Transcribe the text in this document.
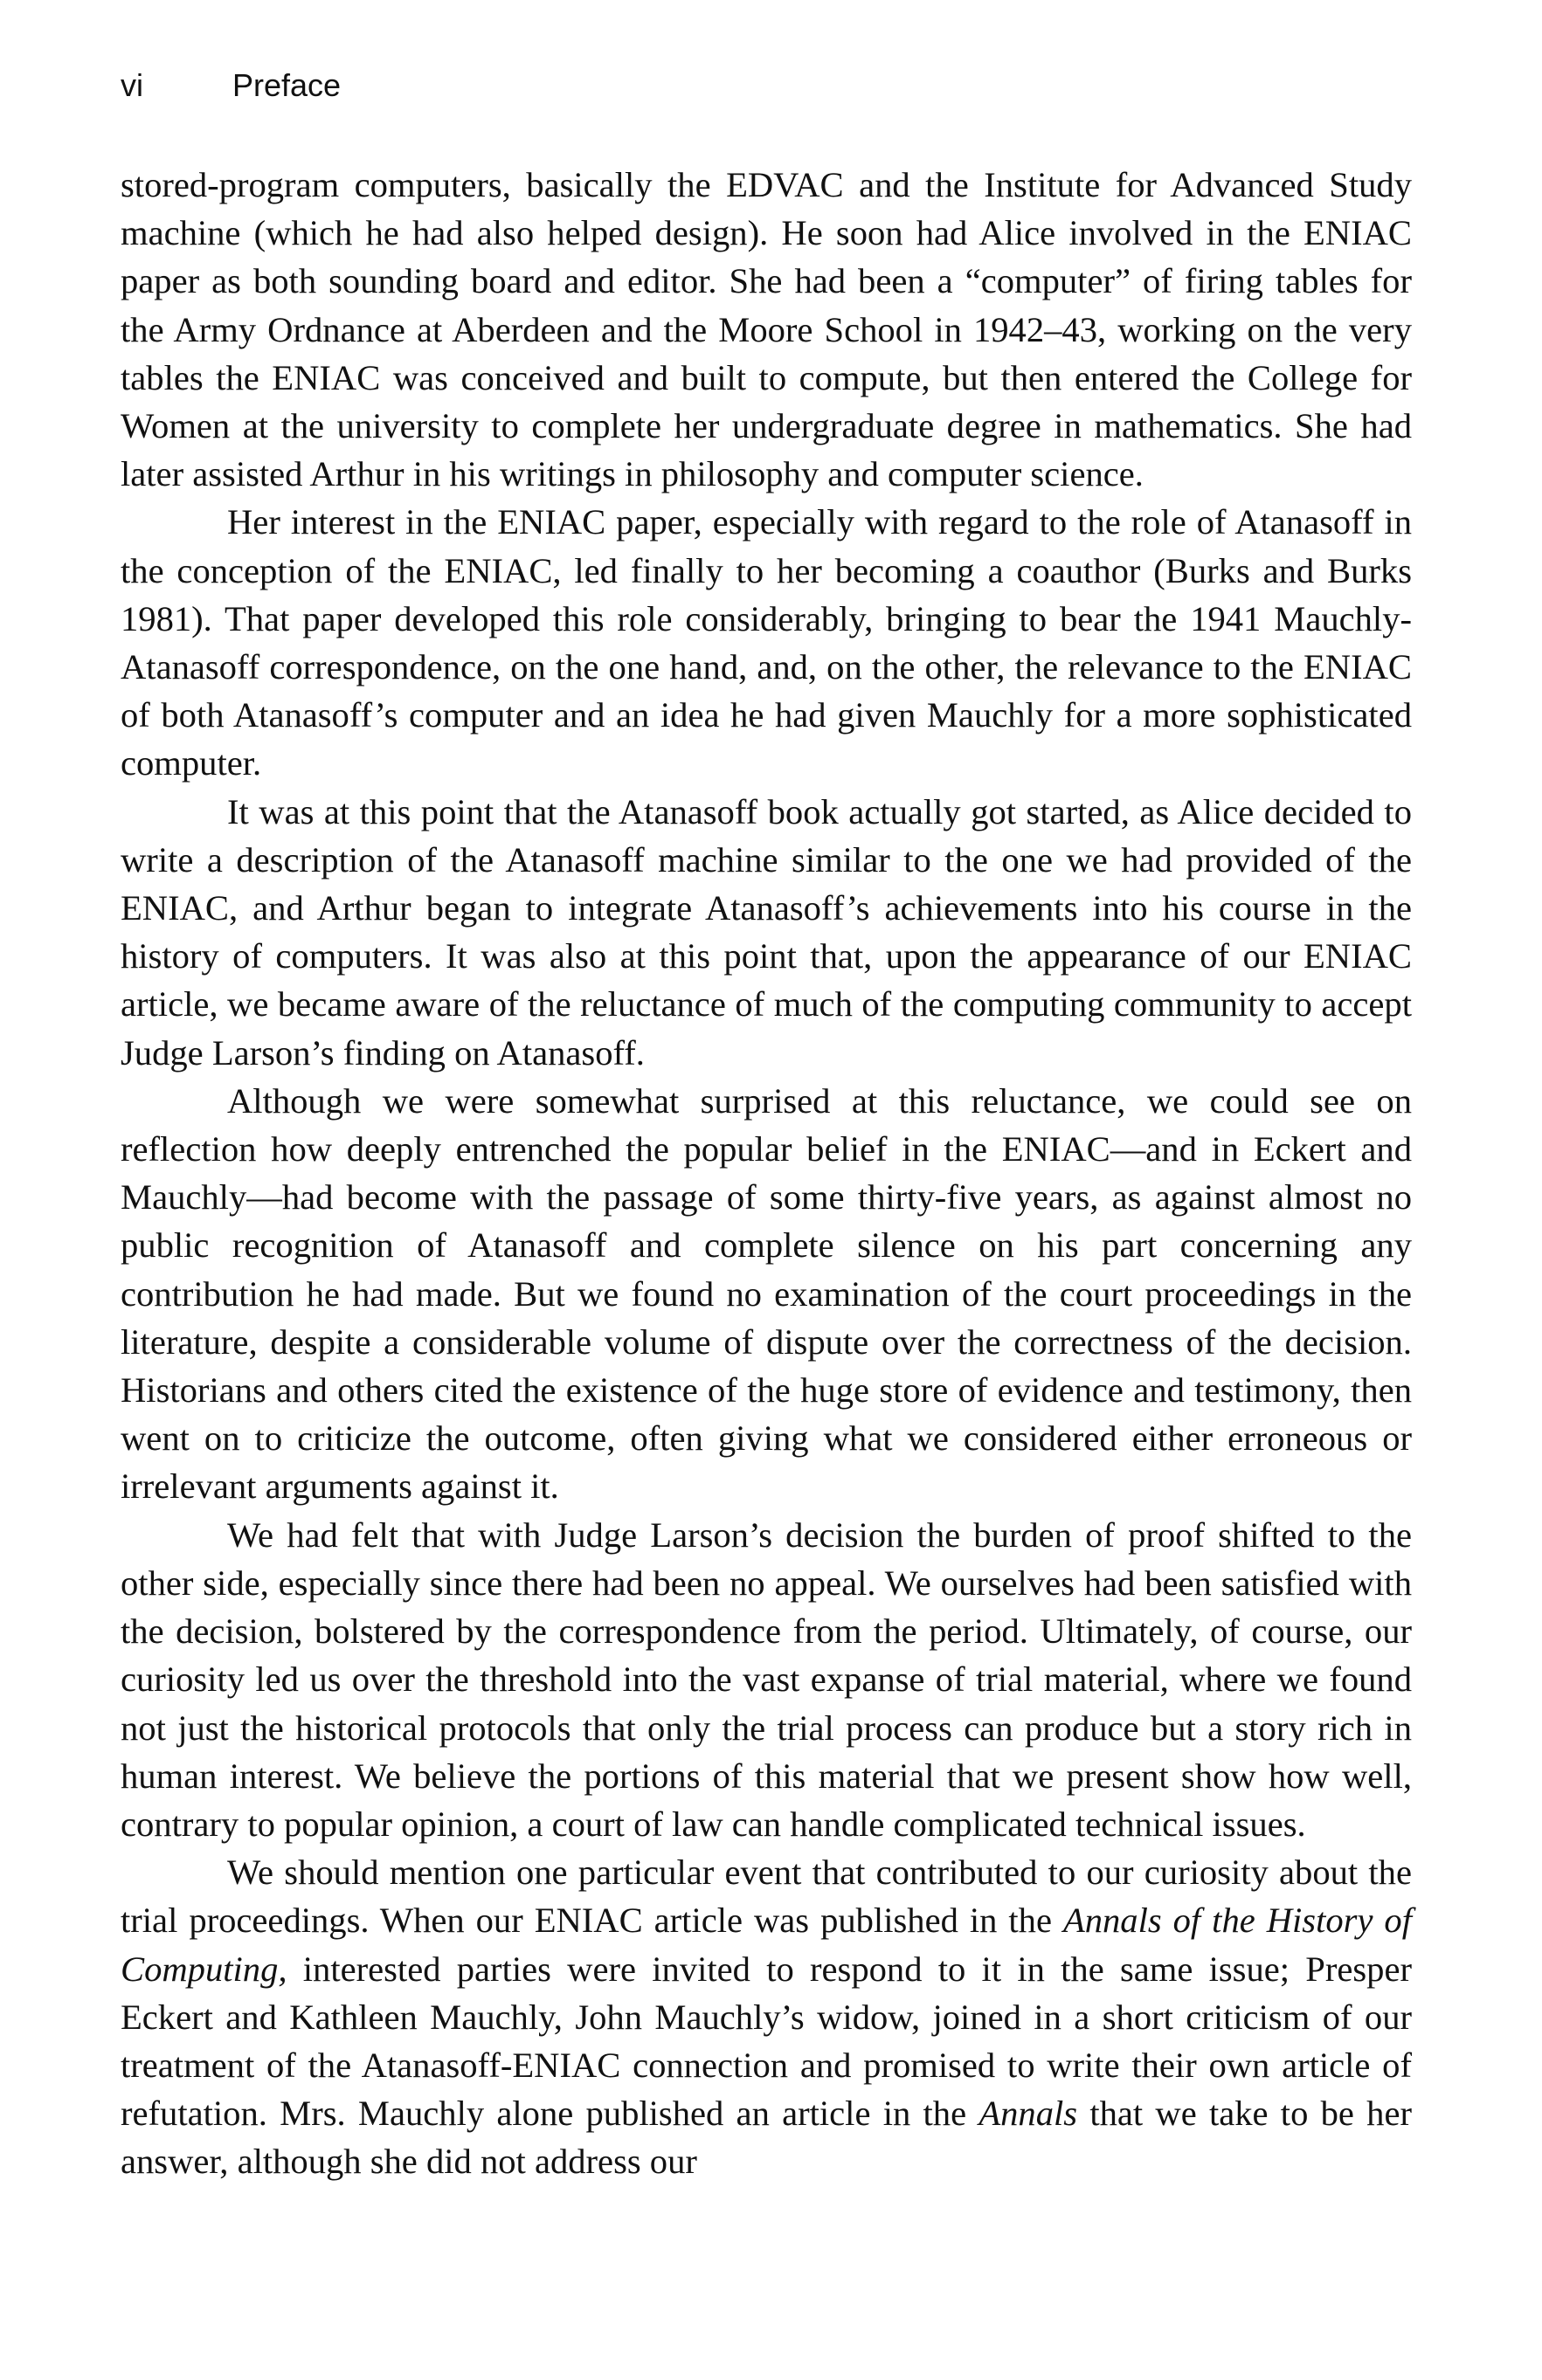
vi	Preface

stored-program computers, basically the EDVAC and the Institute for Advanced Study machine (which he had also helped design). He soon had Alice involved in the ENIAC paper as both sounding board and editor. She had been a “computer” of firing tables for the Army Ordnance at Aberdeen and the Moore School in 1942–43, working on the very tables the ENIAC was conceived and built to compute, but then entered the College for Women at the university to complete her undergraduate degree in mathematics. She had later assisted Arthur in his writings in philosophy and computer science.

Her interest in the ENIAC paper, especially with regard to the role of Atanasoff in the conception of the ENIAC, led finally to her becoming a coauthor (Burks and Burks 1981). That paper developed this role considerably, bringing to bear the 1941 Mauchly-Atanasoff correspondence, on the one hand, and, on the other, the relevance to the ENIAC of both Atanasoff’s computer and an idea he had given Mauchly for a more sophisticated computer.

It was at this point that the Atanasoff book actually got started, as Alice decided to write a description of the Atanasoff machine similar to the one we had provided of the ENIAC, and Arthur began to integrate Atanasoff’s achievements into his course in the history of computers. It was also at this point that, upon the appearance of our ENIAC article, we became aware of the reluctance of much of the computing community to accept Judge Larson’s finding on Atanasoff.

Although we were somewhat surprised at this reluctance, we could see on reflection how deeply entrenched the popular belief in the ENIAC—and in Eckert and Mauchly—had become with the passage of some thirty-five years, as against almost no public recognition of Atanasoff and complete silence on his part concerning any contribution he had made. But we found no examination of the court proceedings in the literature, despite a considerable volume of dispute over the correctness of the decision. Historians and others cited the existence of the huge store of evidence and testimony, then went on to criticize the outcome, often giving what we considered either erroneous or irrelevant arguments against it.

We had felt that with Judge Larson’s decision the burden of proof shifted to the other side, especially since there had been no appeal. We ourselves had been satisfied with the decision, bolstered by the correspondence from the period. Ultimately, of course, our curiosity led us over the threshold into the vast expanse of trial material, where we found not just the historical protocols that only the trial process can produce but a story rich in human interest. We believe the portions of this material that we present show how well, contrary to popular opinion, a court of law can handle complicated technical issues.

We should mention one particular event that contributed to our curiosity about the trial proceedings. When our ENIAC article was published in the Annals of the History of Computing, interested parties were invited to respond to it in the same issue; Presper Eckert and Kathleen Mauchly, John Mauchly’s widow, joined in a short criticism of our treatment of the Atanasoff-ENIAC connection and promised to write their own article of refutation. Mrs. Mauchly alone published an article in the Annals that we take to be her answer, although she did not address our
